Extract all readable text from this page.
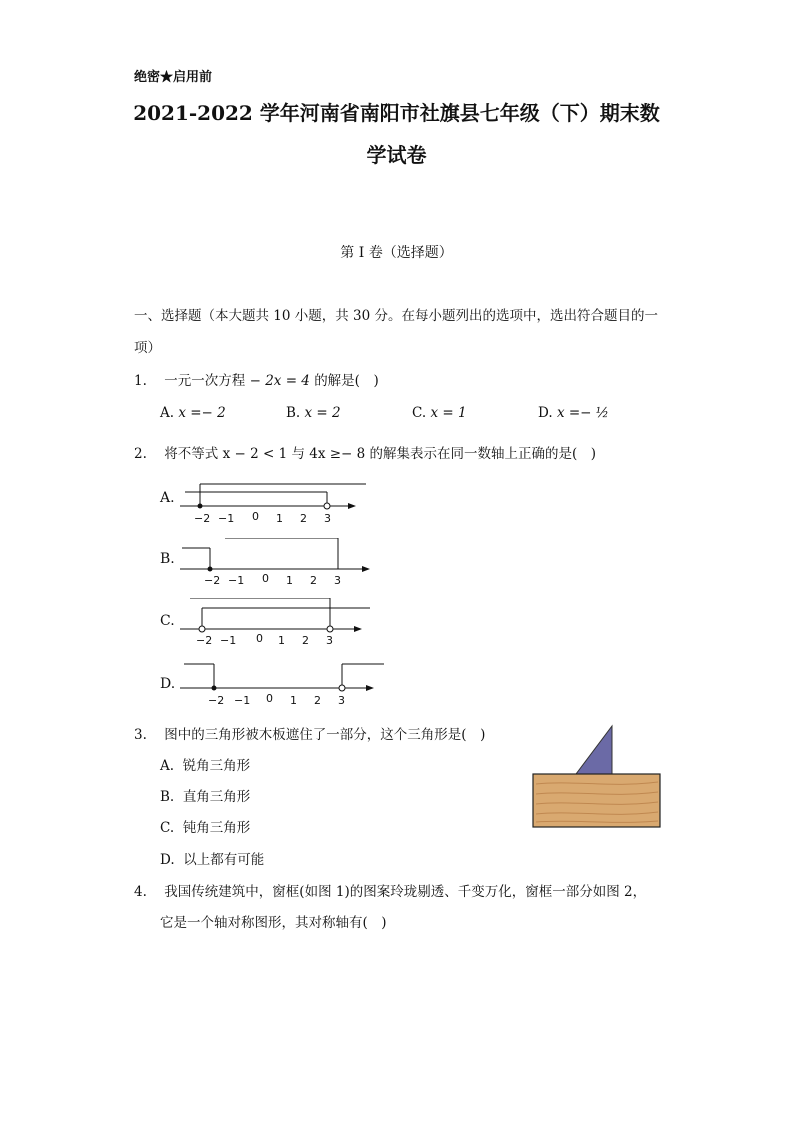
绝密★启用前
2021-2022 学年河南省南阳市社旗县七年级（下）期末数
学试卷
第 I 卷（选择题）
一、选择题（本大题共 10 小题，共 30 分。在每小题列出的选项中，选出符合题目的一项）
1. 一元一次方程 − 2x = 4 的解是(　)
A. x =− 2	B. x = 2	C. x = 1	D. x =− ½
2. 将不等式 x − 2 < 1 与 4x ≥− 8 的解集表示在同一数轴上正确的是(　)
A.
−2 −1 0 1 2 3
B.
−2 −1 0 1 2 3
C.
−2 −1 0 1 2 3
D.
−2 −1 0 1 2 3
3. 图中的三角形被木板遮住了一部分，这个三角形是(　)
A. 锐角三角形
B. 直角三角形
C. 钝角三角形
D. 以上都有可能
4. 我国传统建筑中，窗框(如图 1)的图案玲珑剔透、千变万化，窗框一部分如图 2，
它是一个轴对称图形，其对称轴有(　)
